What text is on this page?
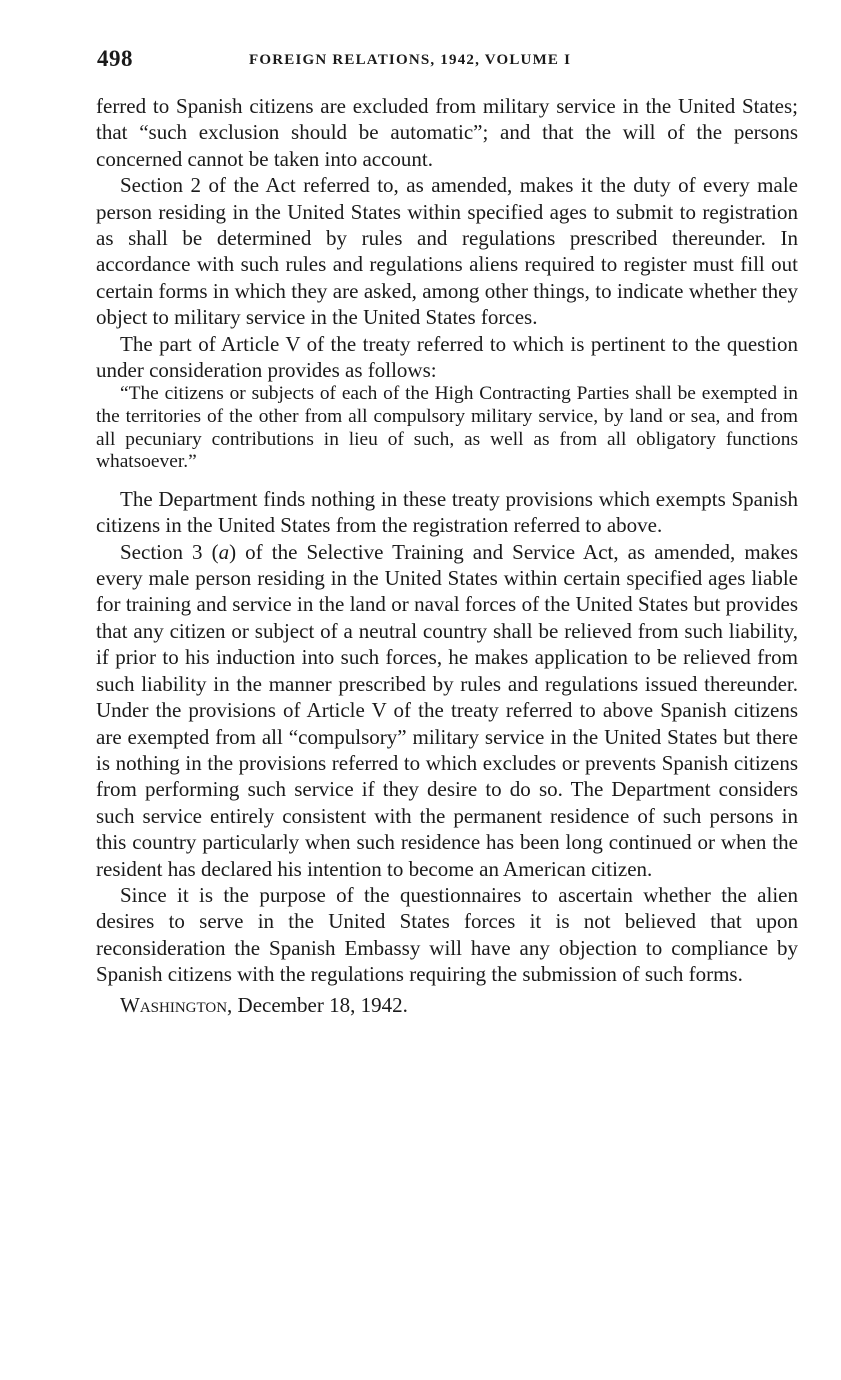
498	FOREIGN RELATIONS, 1942, VOLUME I

ferred to Spanish citizens are excluded from military service in the United States; that “such exclusion should be automatic”; and that the will of the persons concerned cannot be taken into account.

Section 2 of the Act referred to, as amended, makes it the duty of every male person residing in the United States within specified ages to submit to registration as shall be determined by rules and regulations prescribed thereunder. In accordance with such rules and regulations aliens required to register must fill out certain forms in which they are asked, among other things, to indicate whether they object to military service in the United States forces.

The part of Article V of the treaty referred to which is pertinent to the question under consideration provides as follows:

“The citizens or subjects of each of the High Contracting Parties shall be exempted in the territories of the other from all compulsory military service, by land or sea, and from all pecuniary contributions in lieu of such, as well as from all obligatory functions whatsoever.”

The Department finds nothing in these treaty provisions which exempts Spanish citizens in the United States from the registration referred to above.

Section 3 (a) of the Selective Training and Service Act, as amended, makes every male person residing in the United States within certain specified ages liable for training and service in the land or naval forces of the United States but provides that any citizen or subject of a neutral country shall be relieved from such liability, if prior to his induction into such forces, he makes application to be relieved from such liability in the manner prescribed by rules and regulations issued thereunder. Under the provisions of Article V of the treaty referred to above Spanish citizens are exempted from all “compulsory” military service in the United States but there is nothing in the provisions referred to which excludes or prevents Spanish citizens from performing such service if they desire to do so. The Department considers such service entirely consistent with the permanent residence of such persons in this country particularly when such residence has been long continued or when the resident has declared his intention to become an American citizen.

Since it is the purpose of the questionnaires to ascertain whether the alien desires to serve in the United States forces it is not believed that upon reconsideration the Spanish Embassy will have any objection to compliance by Spanish citizens with the regulations requiring the submission of such forms.

Washington, December 18, 1942.
